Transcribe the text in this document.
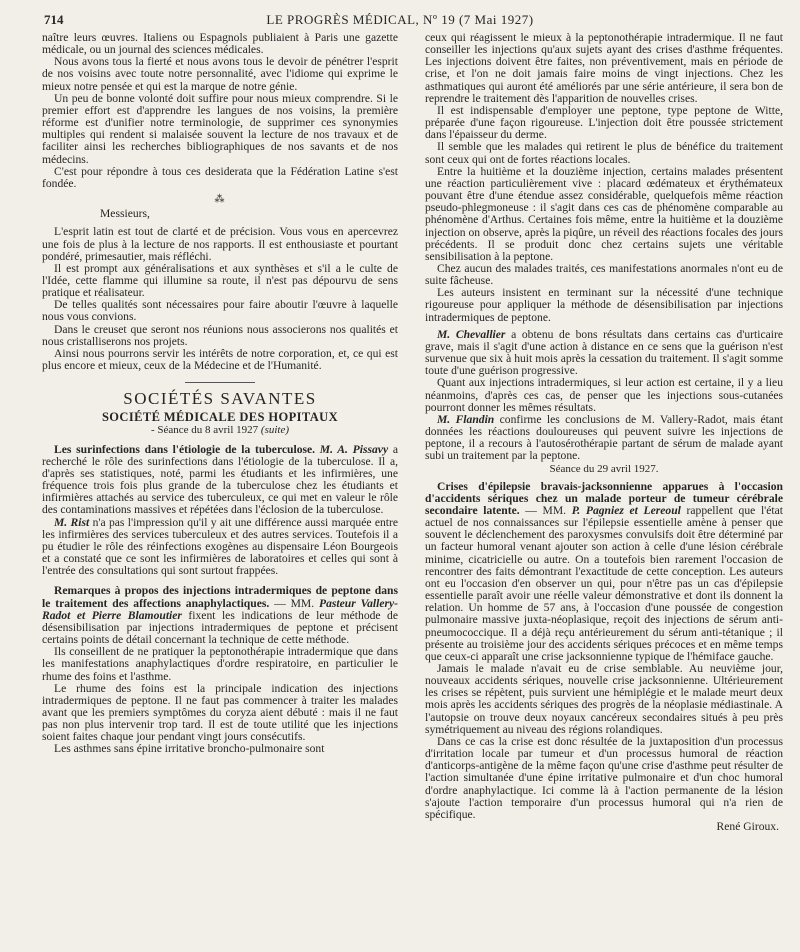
714	LE PROGRÈS MÉDICAL, Nº 19 (7 Mai 1927)

naître leurs œuvres. Italiens ou Espagnols publiaient à Paris une gazette médicale, ou un journal des sciences médicales.

Nous avons tous la fierté et nous avons tous le devoir de pénétrer l'esprit de nos voisins avec toute notre personnalité, avec l'idiome qui exprime le mieux notre pensée et qui est la marque de notre génie.

Un peu de bonne volonté doit suffire pour nous mieux comprendre. Si le premier effort est d'apprendre les langues de nos voisins, la première réforme est d'unifier notre terminologie, de supprimer ces synonymies multiples qui rendent si malaisée souvent la lecture de nos travaux et de faciliter ainsi les recherches bibliographiques de nos savants et de nos médecins.

C'est pour répondre à tous ces desiderata que la Fédération Latine s'est fondée.

⁂

Messieurs,

L'esprit latin est tout de clarté et de précision. Vous vous en apercevrez une fois de plus à la lecture de nos rapports. Il est enthousiaste et pourtant pondéré, primesautier, mais réfléchi.

Il est prompt aux généralisations et aux synthèses et s'il a le culte de l'Idée, cette flamme qui illumine sa route, il n'est pas dépourvu de sens pratique et réalisateur.

De telles qualités sont nécessaires pour faire aboutir l'œuvre à laquelle nous vous convions.

Dans le creuset que seront nos réunions nous associerons nos qualités et nous cristalliserons nos projets.

Ainsi nous pourrons servir les intérêts de notre corporation, et, ce qui est plus encore et mieux, ceux de la Médecine et de l'Humanité.

SOCIÉTÉS SAVANTES

SOCIÉTÉ MÉDICALE DES HOPITAUX

- Séance du 8 avril 1927 (suite)

Les surinfections dans l'étiologie de la tuberculose. M. A. Pissavy a recherché le rôle des surinfections dans l'étiologie de la tuberculose. Il a, d'après ses statistiques, noté, parmi les étudiants et les infirmières, une fréquence trois fois plus grande de la tuberculose chez les étudiants et infirmières attachés au service des tuberculeux, ce qui met en valeur le rôle des contaminations massives et répétées dans l'éclosion de la tuberculose.

M. Rist n'a pas l'impression qu'il y ait une différence aussi marquée entre les infirmières des services tuberculeux et des autres services. Toutefois il a pu étudier le rôle des réinfections exogènes au dispensaire Léon Bourgeois et a constaté que ce sont les infirmières de laboratoires et celles qui sont à l'entrée des consultations qui sont surtout frappées.

Remarques à propos des injections intradermiques de peptone dans le traitement des affections anaphylactiques. — MM. Pasteur Vallery-Radot et Pierre Blamoutier fixent les indications de leur méthode de désensibilisation par injections intradermiques de peptone et précisent certains points de détail concernant la technique de cette méthode.

Ils conseillent de ne pratiquer la peptonothérapie intradermique que dans les manifestations anaphylactiques d'ordre respiratoire, en particulier le rhume des foins et l'asthme.

Le rhume des foins est la principale indication des injections intradermiques de peptone. Il ne faut pas commencer à traiter les malades avant que les premiers symptômes du coryza aient débuté : mais il ne faut pas non plus intervenir trop tard. Il est de toute utilité que les injections soient faites chaque jour pendant vingt jours consécutifs.

Les asthmes sans épine irritative broncho-pulmonaire sont

ceux qui réagissent le mieux à la peptonothérapie intradermique. Il ne faut conseiller les injections qu'aux sujets ayant des crises d'asthme fréquentes. Les injections doivent être faites, non préventivement, mais en période de crise, et l'on ne doit jamais faire moins de vingt injections. Chez les asthmatiques qui auront été améliorés par une série antérieure, il sera bon de reprendre le traitement dès l'apparition de nouvelles crises.

Il est indispensable d'employer une peptone, type peptone de Witte, préparée d'une façon rigoureuse. L'injection doit être poussée strictement dans l'épaisseur du derme.

Il semble que les malades qui retirent le plus de bénéfice du traitement sont ceux qui ont de fortes réactions locales.

Entre la huitième et la douzième injection, certains malades présentent une réaction particulièrement vive : placard œdémateux et érythémateux pouvant être d'une étendue assez considérable, quelquefois même réaction pseudo-phlegmoneuse : il s'agit dans ces cas de phénomène comparable au phénomène d'Arthus. Certaines fois même, entre la huitième et la douzième injection on observe, après la piqûre, un réveil des réactions focales des jours précédents. Il se produit donc chez certains sujets une véritable sensibilisation à la peptone.

Chez aucun des malades traités, ces manifestations anormales n'ont eu de suite fâcheuse.

Les auteurs insistent en terminant sur la nécessité d'une technique rigoureuse pour appliquer la méthode de désensibilisation par injections intradermiques de peptone.

M. Chevallier a obtenu de bons résultats dans certains cas d'urticaire grave, mais il s'agit d'une action à distance en ce sens que la guérison n'est survenue que six à huit mois après la cessation du traitement. Il s'agit somme toute d'une guérison progressive.

Quant aux injections intradermiques, si leur action est certaine, il y a lieu néanmoins, d'après ces cas, de penser que les injections sous-cutanées pourront donner les mêmes résultats.

M. Flandin confirme les conclusions de M. Vallery-Radot, mais étant données les réactions douloureuses qui peuvent suivre les injections de peptone, il a recours à l'autosérothérapie partant de sérum de malade ayant subi un traitement par la peptone.

Séance du 29 avril 1927.

Crises d'épilepsie bravais-jacksonnienne apparues à l'occasion d'accidents sériques chez un malade porteur de tumeur cérébrale secondaire latente. — MM. P. Pagniez et Lereoul rappellent que l'état actuel de nos connaissances sur l'épilepsie essentielle amène à penser que souvent le déclenchement des paroxysmes convulsifs doit être déterminé par un facteur humoral venant ajouter son action à celle d'une lésion cérébrale minime, cicatricielle ou autre. On a toutefois bien rarement l'occasion de rencontrer des faits démontrant l'exactitude de cette conception. Les auteurs ont eu l'occasion d'en observer un qui, pour n'être pas un cas d'épilepsie essentielle paraît avoir une réelle valeur démonstrative et dont ils donnent la relation. Un homme de 57 ans, à l'occasion d'une poussée de congestion pulmonaire massive juxta-néoplasique, reçoit des injections de sérum anti-pneumococcique. Il a déjà reçu antérieurement du sérum anti-tétanique ; il présente au troisième jour des accidents sériques précoces et en même temps que ceux-ci apparaît une crise jacksonnienne typique de l'hémiface gauche.

Jamais le malade n'avait eu de crise semblable. Au neuvième jour, nouveaux accidents sériques, nouvelle crise jacksonnienne. Ultérieurement les crises se répètent, puis survient une hémiplégie et le malade meurt deux mois après les accidents sériques des progrès de la néoplasie médiastinale. A l'autopsie on trouve deux noyaux cancéreux secondaires situés à peu près symétriquement au niveau des régions rolandiques.

Dans ce cas la crise est donc résultée de la juxtaposition d'un processus d'irritation locale par tumeur et d'un processus humoral de réaction d'anticorps-antigène de la même façon qu'une crise d'asthme peut résulter de l'action simultanée d'une épine irritative pulmonaire et d'un choc humoral d'ordre anaphylactique. Ici comme là à l'action permanente de la lésion s'ajoute l'action temporaire d'un processus humoral qui n'a rien de spécifique.

René Giroux.
